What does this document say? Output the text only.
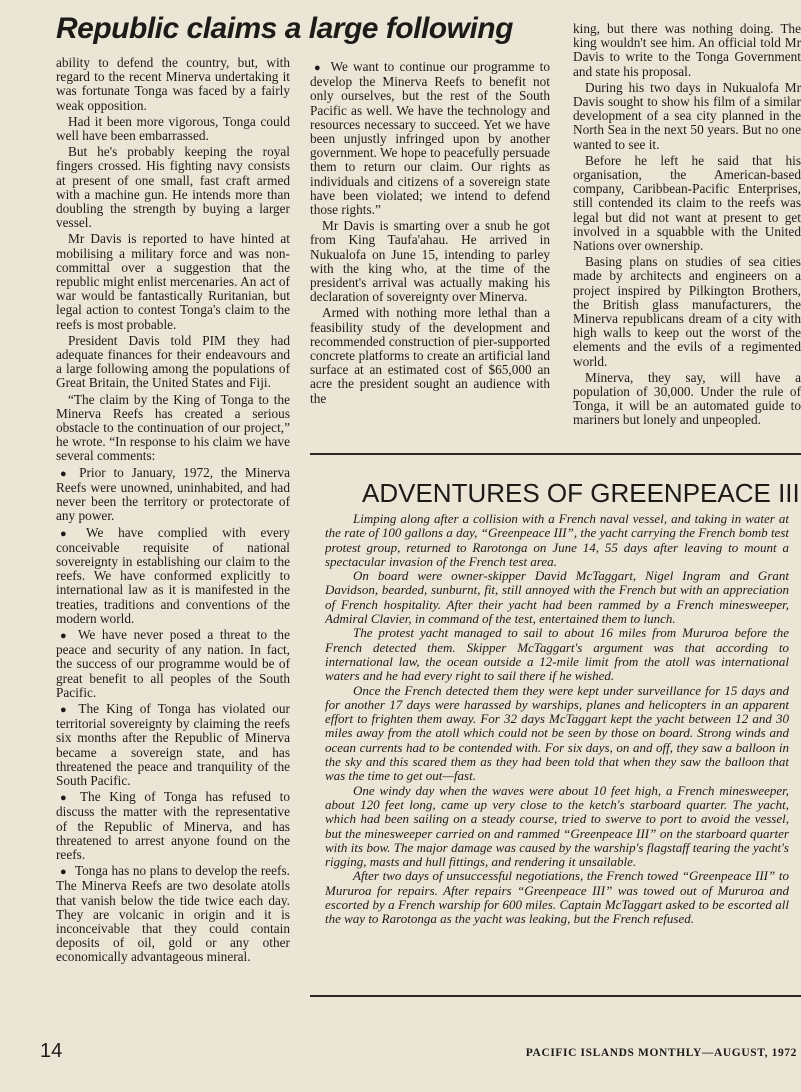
Republic claims a large following

ability to defend the country, but, with regard to the recent Minerva undertaking it was fortunate Tonga was faced by a fairly weak opposition.

Had it been more vigorous, Tonga could well have been embarrassed.

But he's probably keeping the royal fingers crossed. His fighting navy consists at present of one small, fast craft armed with a machine gun. He intends more than doubling the strength by buying a larger vessel.

Mr Davis is reported to have hinted at mobilising a military force and was non-committal over a suggestion that the republic might enlist mercenaries. An act of war would be fantastically Ruritanian, but legal action to contest Tonga's claim to the reefs is most probable.

President Davis told PIM they had adequate finances for their endeavours and a large following among the populations of Great Britain, the United States and Fiji.

“The claim by the King of Tonga to the Minerva Reefs has created a serious obstacle to the continuation of our project,” he wrote. “In response to his claim we have several comments:

● Prior to January, 1972, the Minerva Reefs were unowned, uninhabited, and had never been the territory or protectorate of any power.

● We have complied with every conceivable requisite of national sovereignty in establishing our claim to the reefs. We have conformed explicitly to international law as it is manifested in the treaties, traditions and conventions of the modern world.

● We have never posed a threat to the peace and security of any nation. In fact, the success of our programme would be of great benefit to all peoples of the South Pacific.

● The King of Tonga has violated our territorial sovereignty by claiming the reefs six months after the Republic of Minerva became a sovereign state, and has threatened the peace and tranquility of the South Pacific.

● The King of Tonga has refused to discuss the matter with the representative of the Republic of Minerva, and has threatened to arrest anyone found on the reefs.

● Tonga has no plans to develop the reefs. The Minerva Reefs are two desolate atolls that vanish below the tide twice each day. They are volcanic in origin and it is inconceivable that they could contain deposits of oil, gold or any other economically advantageous mineral.

● We want to continue our programme to develop the Minerva Reefs to benefit not only ourselves, but the rest of the South Pacific as well. We have the technology and resources necessary to succeed. Yet we have been unjustly infringed upon by another government. We hope to peacefully persuade them to return our claim. Our rights as individuals and citizens of a sovereign state have been violated; we intend to defend those rights.”

Mr Davis is smarting over a snub he got from King Taufa'ahau. He arrived in Nukualofa on June 15, intending to parley with the king who, at the time of the president's arrival was actually making his declaration of sovereignty over Minerva.

Armed with nothing more lethal than a feasibility study of the development and recommended construction of pier-supported concrete platforms to create an artificial land surface at an estimated cost of $65,000 an acre the president sought an audience with the

king, but there was nothing doing. The king wouldn't see him. An official told Mr Davis to write to the Tonga Government and state his proposal.

During his two days in Nukualofa Mr Davis sought to show his film of a similar development of a sea city planned in the North Sea in the next 50 years. But no one wanted to see it.

Before he left he said that his organisation, the American-based company, Caribbean-Pacific Enterprises, still contended its claim to the reefs was legal but did not want at present to get involved in a squabble with the United Nations over ownership.

Basing plans on studies of sea cities made by architects and engineers on a project inspired by Pilkington Brothers, the British glass manufacturers, the Minerva republicans dream of a city with high walls to keep out the worst of the elements and the evils of a regimented world.

Minerva, they say, will have a population of 30,000. Under the rule of Tonga, it will be an automated guide to mariners but lonely and unpeopled.

ADVENTURES OF GREENPEACE III

Limping along after a collision with a French naval vessel, and taking in water at the rate of 100 gallons a day, “Greenpeace III”, the yacht carrying the French bomb test protest group, returned to Rarotonga on June 14, 55 days after leaving to mount a spectacular invasion of the French test area.

On board were owner-skipper David McTaggart, Nigel Ingram and Grant Davidson, bearded, sunburnt, fit, still annoyed with the French but with an appreciation of French hospitality. After their yacht had been rammed by a French minesweeper, Admiral Clavier, in command of the test, entertained them to lunch.

The protest yacht managed to sail to about 16 miles from Mururoa before the French detected them. Skipper McTaggart's argument was that according to international law, the ocean outside a 12-mile limit from the atoll was international waters and he had every right to sail there if he wished.

Once the French detected them they were kept under surveillance for 15 days and for another 17 days were harassed by warships, planes and helicopters in an apparent effort to frighten them away. For 32 days McTaggart kept the yacht between 12 and 30 miles away from the atoll which could not be seen by those on board. Strong winds and ocean currents had to be contended with. For six days, on and off, they saw a balloon in the sky and this scared them as they had been told that when they saw the balloon that was the time to get out—fast.

One windy day when the waves were about 10 feet high, a French minesweeper, about 120 feet long, came up very close to the ketch's starboard quarter. The yacht, which had been sailing on a steady course, tried to swerve to port to avoid the vessel, but the minesweeper carried on and rammed “Greenpeace III” on the starboard quarter with its bow. The major damage was caused by the warship's flagstaff tearing the yacht's rigging, masts and hull fittings, and rendering it unsailable.

After two days of unsuccessful negotiations, the French towed “Greenpeace III” to Mururoa for repairs. After repairs “Greenpeace III” was towed out of Mururoa and escorted by a French warship for 600 miles. Captain McTaggart asked to be escorted all the way to Rarotonga as the yacht was leaking, but the French refused.

14	PACIFIC ISLANDS MONTHLY—AUGUST, 1972
